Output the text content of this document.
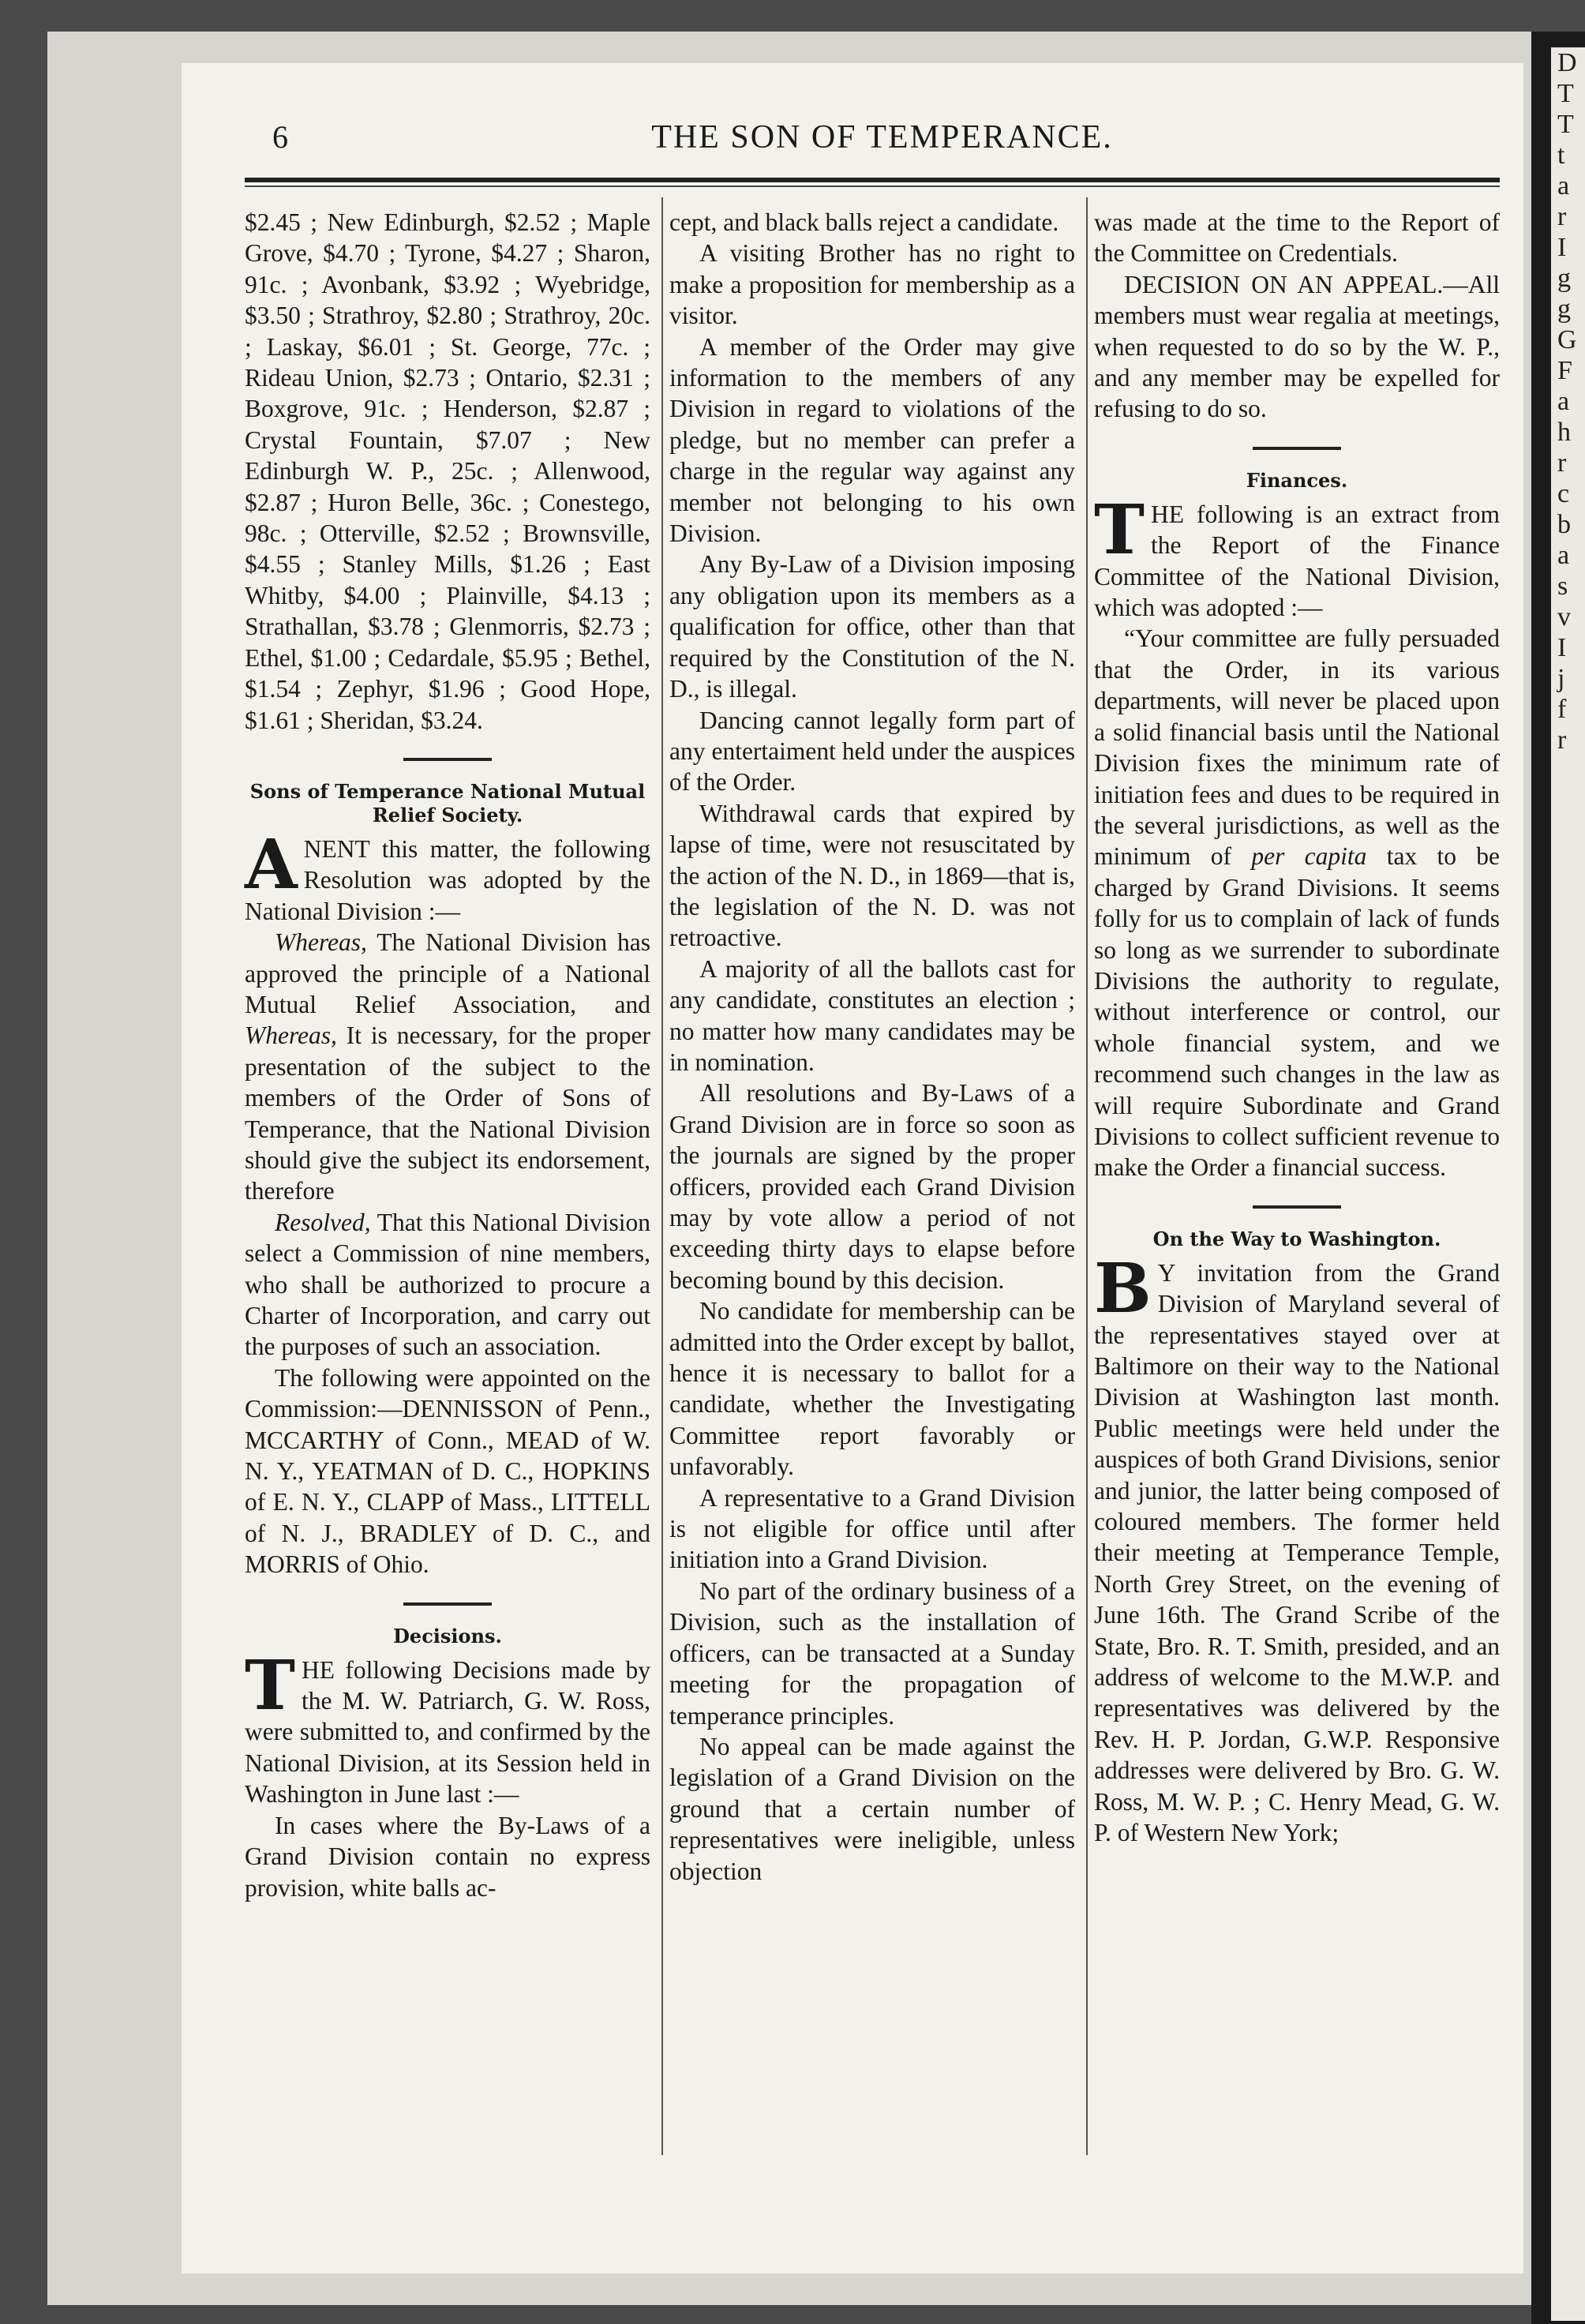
D
T
T
t
a
r
I
g
g
G
F
a
h
r
c
b
a
s
v
I
j
f
r
6	THE SON OF TEMPERANCE.

$2.45 ; New Edinburgh, $2.52 ; Maple Grove, $4.70 ; Tyrone, $4.27 ; Sharon, 91c. ; Avonbank, $3.92 ; Wyebridge, $3.50 ; Strathroy, $2.80 ; Strathroy, 20c. ; Laskay, $6.01 ; St. George, 77c. ; Rideau Union, $2.73 ; Ontario, $2.31 ; Boxgrove, 91c. ; Henderson, $2.87 ; Crystal Fountain, $7.07 ; New Edinburgh W. P., 25c. ; Allenwood, $2.87 ; Huron Belle, 36c. ; Conestego, 98c. ; Otterville, $2.52 ; Brownsville, $4.55 ; Stanley Mills, $1.26 ; East Whitby, $4.00 ; Plainville, $4.13 ; Strathallan, $3.78 ; Glenmorris, $2.73 ; Ethel, $1.00 ; Cedardale, $5.95 ; Bethel, $1.54 ; Zephyr, $1.96 ; Good Hope, $1.61 ; Sheridan, $3.24.

Sons of Temperance National Mutual Relief Society.

ANENT this matter, the following Resolution was adopted by the National Division :—

Whereas, The National Division has approved the principle of a National Mutual Relief Association, and Whereas, It is necessary, for the proper presentation of the subject to the members of the Order of Sons of Temperance, that the National Division should give the subject its endorsement, therefore

Resolved, That this National Division select a Commission of nine members, who shall be authorized to procure a Charter of Incorporation, and carry out the purposes of such an association.

The following were appointed on the Commission:—DENNISSON of Penn., MCCARTHY of Conn., MEAD of W. N. Y., YEATMAN of D. C., HOPKINS of E. N. Y., CLAPP of Mass., LITTELL of N. J., BRADLEY of D. C., and MORRIS of Ohio.

Decisions.

THE following Decisions made by the M. W. Patriarch, G. W. Ross, were submitted to, and confirmed by the National Division, at its Session held in Washington in June last :—

In cases where the By-Laws of a Grand Division contain no express provision, white balls ac-

cept, and black balls reject a candidate.

A visiting Brother has no right to make a proposition for membership as a visitor.

A member of the Order may give information to the members of any Division in regard to violations of the pledge, but no member can prefer a charge in the regular way against any member not belonging to his own Division.

Any By-Law of a Division imposing any obligation upon its members as a qualification for office, other than that required by the Constitution of the N. D., is illegal.

Dancing cannot legally form part of any entertaiment held under the auspices of the Order.

Withdrawal cards that expired by lapse of time, were not resuscitated by the action of the N. D., in 1869—that is, the legislation of the N. D. was not retroactive.

A majority of all the ballots cast for any candidate, constitutes an election ; no matter how many candidates may be in nomination.

All resolutions and By-Laws of a Grand Division are in force so soon as the journals are signed by the proper officers, provided each Grand Division may by vote allow a period of not exceeding thirty days to elapse before becoming bound by this decision.

No candidate for membership can be admitted into the Order except by ballot, hence it is necessary to ballot for a candidate, whether the Investigating Committee report favorably or unfavorably.

A representative to a Grand Division is not eligible for office until after initiation into a Grand Division.

No part of the ordinary business of a Division, such as the installation of officers, can be transacted at a Sunday meeting for the propagation of temperance principles.

No appeal can be made against the legislation of a Grand Division on the ground that a certain number of representatives were ineligible, unless objection

was made at the time to the Report of the Committee on Credentials.

DECISION ON AN APPEAL.—All members must wear regalia at meetings, when requested to do so by the W. P., and any member may be expelled for refusing to do so.

Finances.

THE following is an extract from the Report of the Finance Committee of the National Division, which was adopted :—

“Your committee are fully persuaded that the Order, in its various departments, will never be placed upon a solid financial basis until the National Division fixes the minimum rate of initiation fees and dues to be required in the several jurisdictions, as well as the minimum of per capita tax to be charged by Grand Divisions. It seems folly for us to complain of lack of funds so long as we surrender to subordinate Divisions the authority to regulate, without interference or control, our whole financial system, and we recommend such changes in the law as will require Subordinate and Grand Divisions to collect sufficient revenue to make the Order a financial success.

On the Way to Washington.

B Y invitation from the Grand Division of Maryland several of the representatives stayed over at Baltimore on their way to the National Division at Washington last month. Public meetings were held under the auspices of both Grand Divisions, senior and junior, the latter being composed of coloured members. The former held their meeting at Temperance Temple, North Grey Street, on the evening of June 16th. The Grand Scribe of the State, Bro. R. T. Smith, presided, and an address of welcome to the M.W.P. and representatives was delivered by the Rev. H. P. Jordan, G.W.P. Responsive addresses were delivered by Bro. G. W. Ross, M. W. P. ; C. Henry Mead, G. W. P. of Western New York;
